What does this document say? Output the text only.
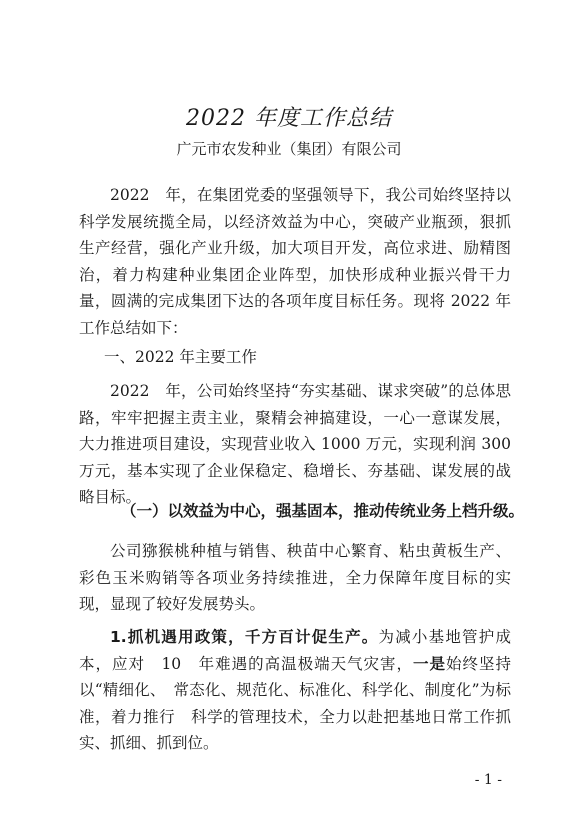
2022 年度工作总结
广元市农发种业（集团）有限公司

2022　年，在集团党委的坚强领导下，我公司始终坚持以科学发展统揽全局，以经济效益为中心，突破产业瓶颈，狠抓生产经营，强化产业升级，加大项目开发，高位求进、励精图治，着力构建种业集团企业阵型，加快形成种业振兴骨干力量，圆满的完成集团下达的各项年度目标任务。现将 2022 年工作总结如下：

一、2022 年主要工作

2022　年，公司始终坚持“夯实基础、谋求突破”的总体思路，牢牢把握主责主业，聚精会神搞建设，一心一意谋发展，大力推进项目建设，实现营业收入 1000 万元，实现利润 300 万元，基本实现了企业保稳定、稳增长、夯基础、谋发展的战略目标。

（一）以效益为中心，强基固本，推动传统业务上档升级。

公司猕猴桃种植与销售、秧苗中心繁育、粘虫黄板生产、彩色玉米购销等各项业务持续推进，全力保障年度目标的实现，显现了较好发展势头。

1.抓机遇用政策，千方百计促生产。为减小基地管护成本，应对　10　年难遇的高温极端天气灾害，一是始终坚持以“精细化、　常态化、规范化、标准化、科学化、制度化”为标准，着力推行　科学的管理技术，全力以赴把基地日常工作抓实、抓细、抓到位。

- 1 -
